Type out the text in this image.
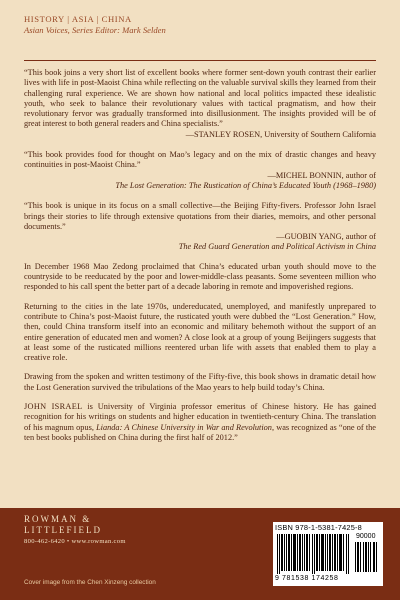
HISTORY | ASIA | CHINA
Asian Voices, Series Editor: Mark Selden

“This book joins a very short list of excellent books where former sent-down youth contrast their earlier lives with life in post-Maoist China while reflecting on the valuable survival skills they learned from their challenging rural experience. We are shown how national and local politics impacted these idealistic youth, who seek to balance their revolutionary values with tactical pragmatism, and how their revolutionary fervor was gradually transformed into disillusionment. The insights provided will be of great interest to both general readers and China specialists.”

—STANLEY ROSEN, University of Southern California

“This book provides food for thought on Mao’s legacy and on the mix of drastic changes and heavy continuities in post-Maoist China.”

—MICHEL BONNIN, author of
The Lost Generation: The Rustication of China’s Educated Youth (1968–1980)

“This book is unique in its focus on a small collective—the Beijing Fifty-fivers. Professor John Israel brings their stories to life through extensive quotations from their diaries, memoirs, and other personal documents.”

—GUOBIN YANG, author of
The Red Guard Generation and Political Activism in China

In December 1968 Mao Zedong proclaimed that China’s educated urban youth should move to the countryside to be reeducated by the poor and lower-middle-class peasants. Some seventeen million who responded to his call spent the better part of a decade laboring in remote and impoverished regions.

Returning to the cities in the late 1970s, undereducated, unemployed, and manifestly unprepared to contribute to China’s post-Maoist future, the rusticated youth were dubbed the “Lost Generation.” How, then, could China transform itself into an economic and military behemoth without the support of an entire generation of educated men and women? A close look at a group of young Beijingers suggests that at least some of the rusticated millions reentered urban life with assets that enabled them to play a creative role.

Drawing from the spoken and written testimony of the Fifty-five, this book shows in dramatic detail how the Lost Generation survived the tribulations of the Mao years to help build today’s China.

JOHN ISRAEL is University of Virginia professor emeritus of Chinese history. He has gained recognition for his writings on students and higher education in twentieth-century China. The translation of his magnum opus, Lianda: A Chinese University in War and Revolution, was recognized as “one of the ten best books published on China during the first half of 2012.”

ROWMAN &
LITTLEFIELD
800-462-6420 • www.rowman.com
Cover image from the Chen Xinzeng collection
ISBN 978-1-5381-7425-8
90000
9 781538 174258
